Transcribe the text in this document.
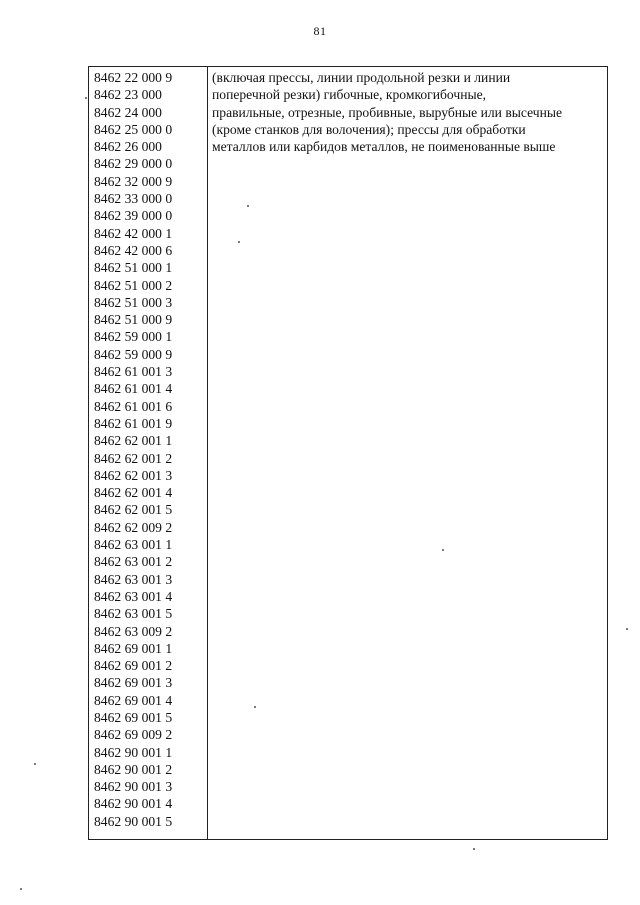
81
8462 22 000 9
8462 23 000
8462 24 000
8462 25 000 0
8462 26 000
8462 29 000 0
8462 32 000 9
8462 33 000 0
8462 39 000 0
8462 42 000 1
8462 42 000 6
8462 51 000 1
8462 51 000 2
8462 51 000 3
8462 51 000 9
8462 59 000 1
8462 59 000 9
8462 61 001 3
8462 61 001 4
8462 61 001 6
8462 61 001 9
8462 62 001 1
8462 62 001 2
8462 62 001 3
8462 62 001 4
8462 62 001 5
8462 62 009 2
8462 63 001 1
8462 63 001 2
8462 63 001 3
8462 63 001 4
8462 63 001 5
8462 63 009 2
8462 69 001 1
8462 69 001 2
8462 69 001 3
8462 69 001 4
8462 69 001 5
8462 69 009 2
8462 90 001 1
8462 90 001 2
8462 90 001 3
8462 90 001 4
8462 90 001 5
(включая прессы, линии продольной резки и линии
поперечной резки) гибочные, кромкогибочные,
правильные, отрезные, пробивные, вырубные или высечные
(кроме станков для волочения); прессы для обработки
металлов или карбидов металлов, не поименованные выше
